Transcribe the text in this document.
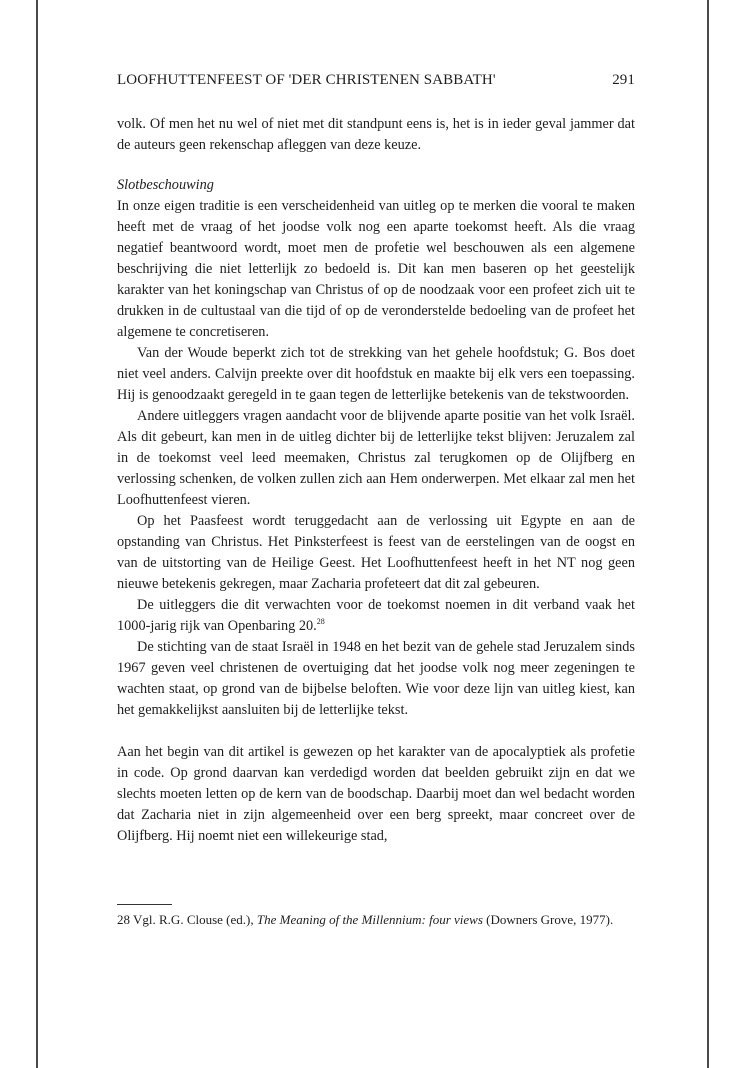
LOOFHUTTENFEEST OF 'DER CHRISTENEN SABBATH'	291

volk. Of men het nu wel of niet met dit standpunt eens is, het is in ieder geval jammer dat de auteurs geen rekenschap afleggen van deze keuze.

Slotbeschouwing

In onze eigen traditie is een verscheidenheid van uitleg op te merken die vooral te maken heeft met de vraag of het joodse volk nog een aparte toekomst heeft. Als die vraag negatief beantwoord wordt, moet men de profetie wel beschouwen als een algemene beschrijving die niet letterlijk zo bedoeld is. Dit kan men baseren op het geestelijk karakter van het koningschap van Christus of op de noodzaak voor een profeet zich uit te drukken in de cultustaal van die tijd of op de veronderstelde bedoeling van de profeet het algemene te concretiseren.

Van der Woude beperkt zich tot de strekking van het gehele hoofdstuk; G. Bos doet niet veel anders. Calvijn preekte over dit hoofdstuk en maakte bij elk vers een toepassing. Hij is genoodzaakt geregeld in te gaan tegen de letterlijke betekenis van de tekstwoorden.

Andere uitleggers vragen aandacht voor de blijvende aparte positie van het volk Israël. Als dit gebeurt, kan men in de uitleg dichter bij de letterlijke tekst blijven: Jeruzalem zal in de toekomst veel leed meemaken, Christus zal terugkomen op de Olijfberg en verlossing schenken, de volken zullen zich aan Hem onderwerpen. Met elkaar zal men het Loofhuttenfeest vieren.

Op het Paasfeest wordt teruggedacht aan de verlossing uit Egypte en aan de opstanding van Christus. Het Pinksterfeest is feest van de eerstelingen van de oogst en van de uitstorting van de Heilige Geest. Het Loofhuttenfeest heeft in het NT nog geen nieuwe betekenis gekregen, maar Zacharia profeteert dat dit zal gebeuren.

De uitleggers die dit verwachten voor de toekomst noemen in dit verband vaak het 1000-jarig rijk van Openbaring 20.28

De stichting van de staat Israël in 1948 en het bezit van de gehele stad Jeruzalem sinds 1967 geven veel christenen de overtuiging dat het joodse volk nog meer zegeningen te wachten staat, op grond van de bijbelse beloften. Wie voor deze lijn van uitleg kiest, kan het gemakkelijkst aansluiten bij de letterlijke tekst.

Aan het begin van dit artikel is gewezen op het karakter van de apocalyptiek als profetie in code. Op grond daarvan kan verdedigd worden dat beelden gebruikt zijn en dat we slechts moeten letten op de kern van de boodschap. Daarbij moet dan wel bedacht worden dat Zacharia niet in zijn algemeenheid over een berg spreekt, maar concreet over de Olijfberg. Hij noemt niet een willekeurige stad,

28 Vgl. R.G. Clouse (ed.), The Meaning of the Millennium: four views (Downers Grove, 1977).
